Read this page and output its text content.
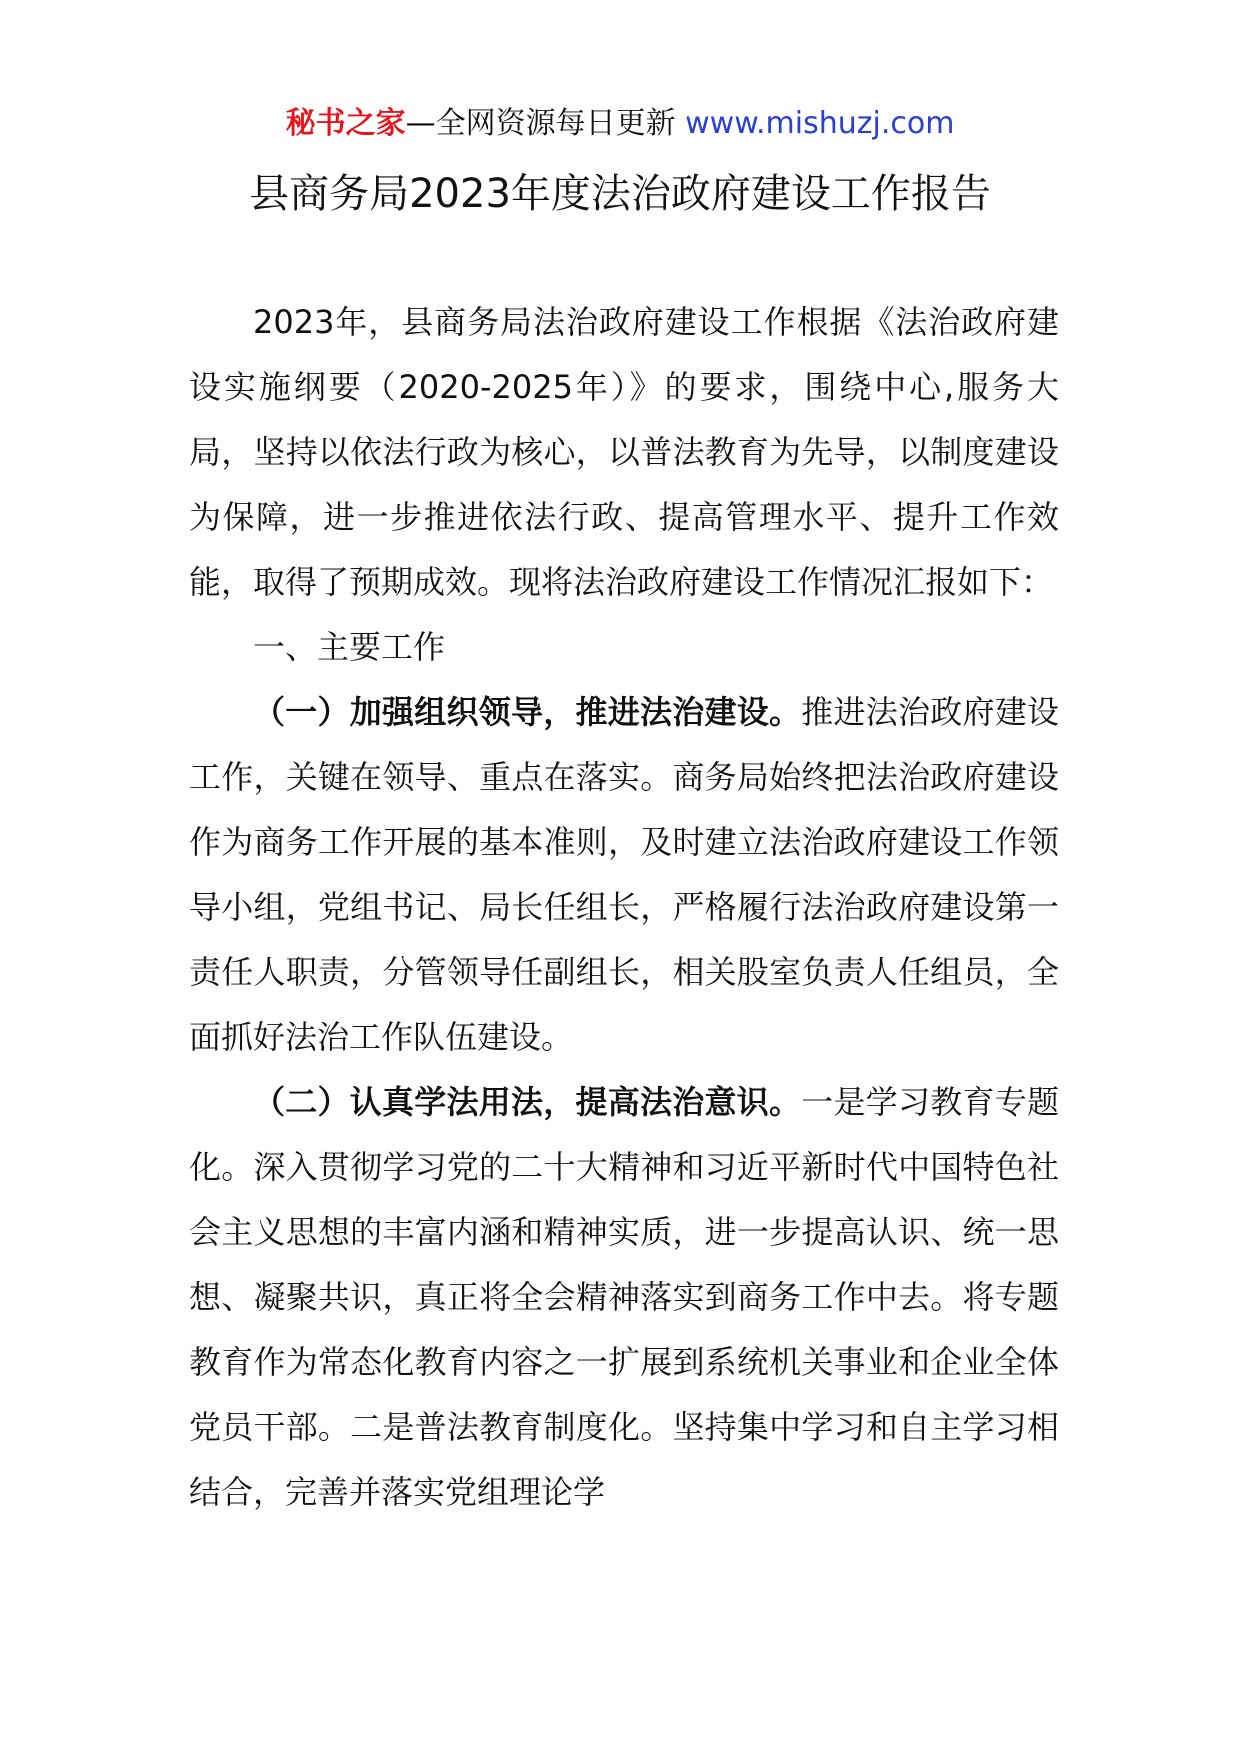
秘书之家—全网资源每日更新 www.mishuzj.com
县商务局2023年度法治政府建设工作报告

2023年，县商务局法治政府建设工作根据《法治政府建设实施纲要（2020-2025年）》的要求，围绕中心,服务大局，坚持以依法行政为核心，以普法教育为先导，以制度建设为保障，进一步推进依法行政、提高管理水平、提升工作效能，取得了预期成效。现将法治政府建设工作情况汇报如下：

一、主要工作

（一）加强组织领导，推进法治建设。推进法治政府建设工作，关键在领导、重点在落实。商务局始终把法治政府建设作为商务工作开展的基本准则，及时建立法治政府建设工作领导小组，党组书记、局长任组长，严格履行法治政府建设第一责任人职责，分管领导任副组长，相关股室负责人任组员，全面抓好法治工作队伍建设。

（二）认真学法用法，提高法治意识。一是学习教育专题化。深入贯彻学习党的二十大精神和习近平新时代中国特色社会主义思想的丰富内涵和精神实质，进一步提高认识、统一思想、凝聚共识，真正将全会精神落实到商务工作中去。将专题教育作为常态化教育内容之一扩展到系统机关事业和企业全体党员干部。二是普法教育制度化。坚持集中学习和自主学习相结合，完善并落实党组理论学
